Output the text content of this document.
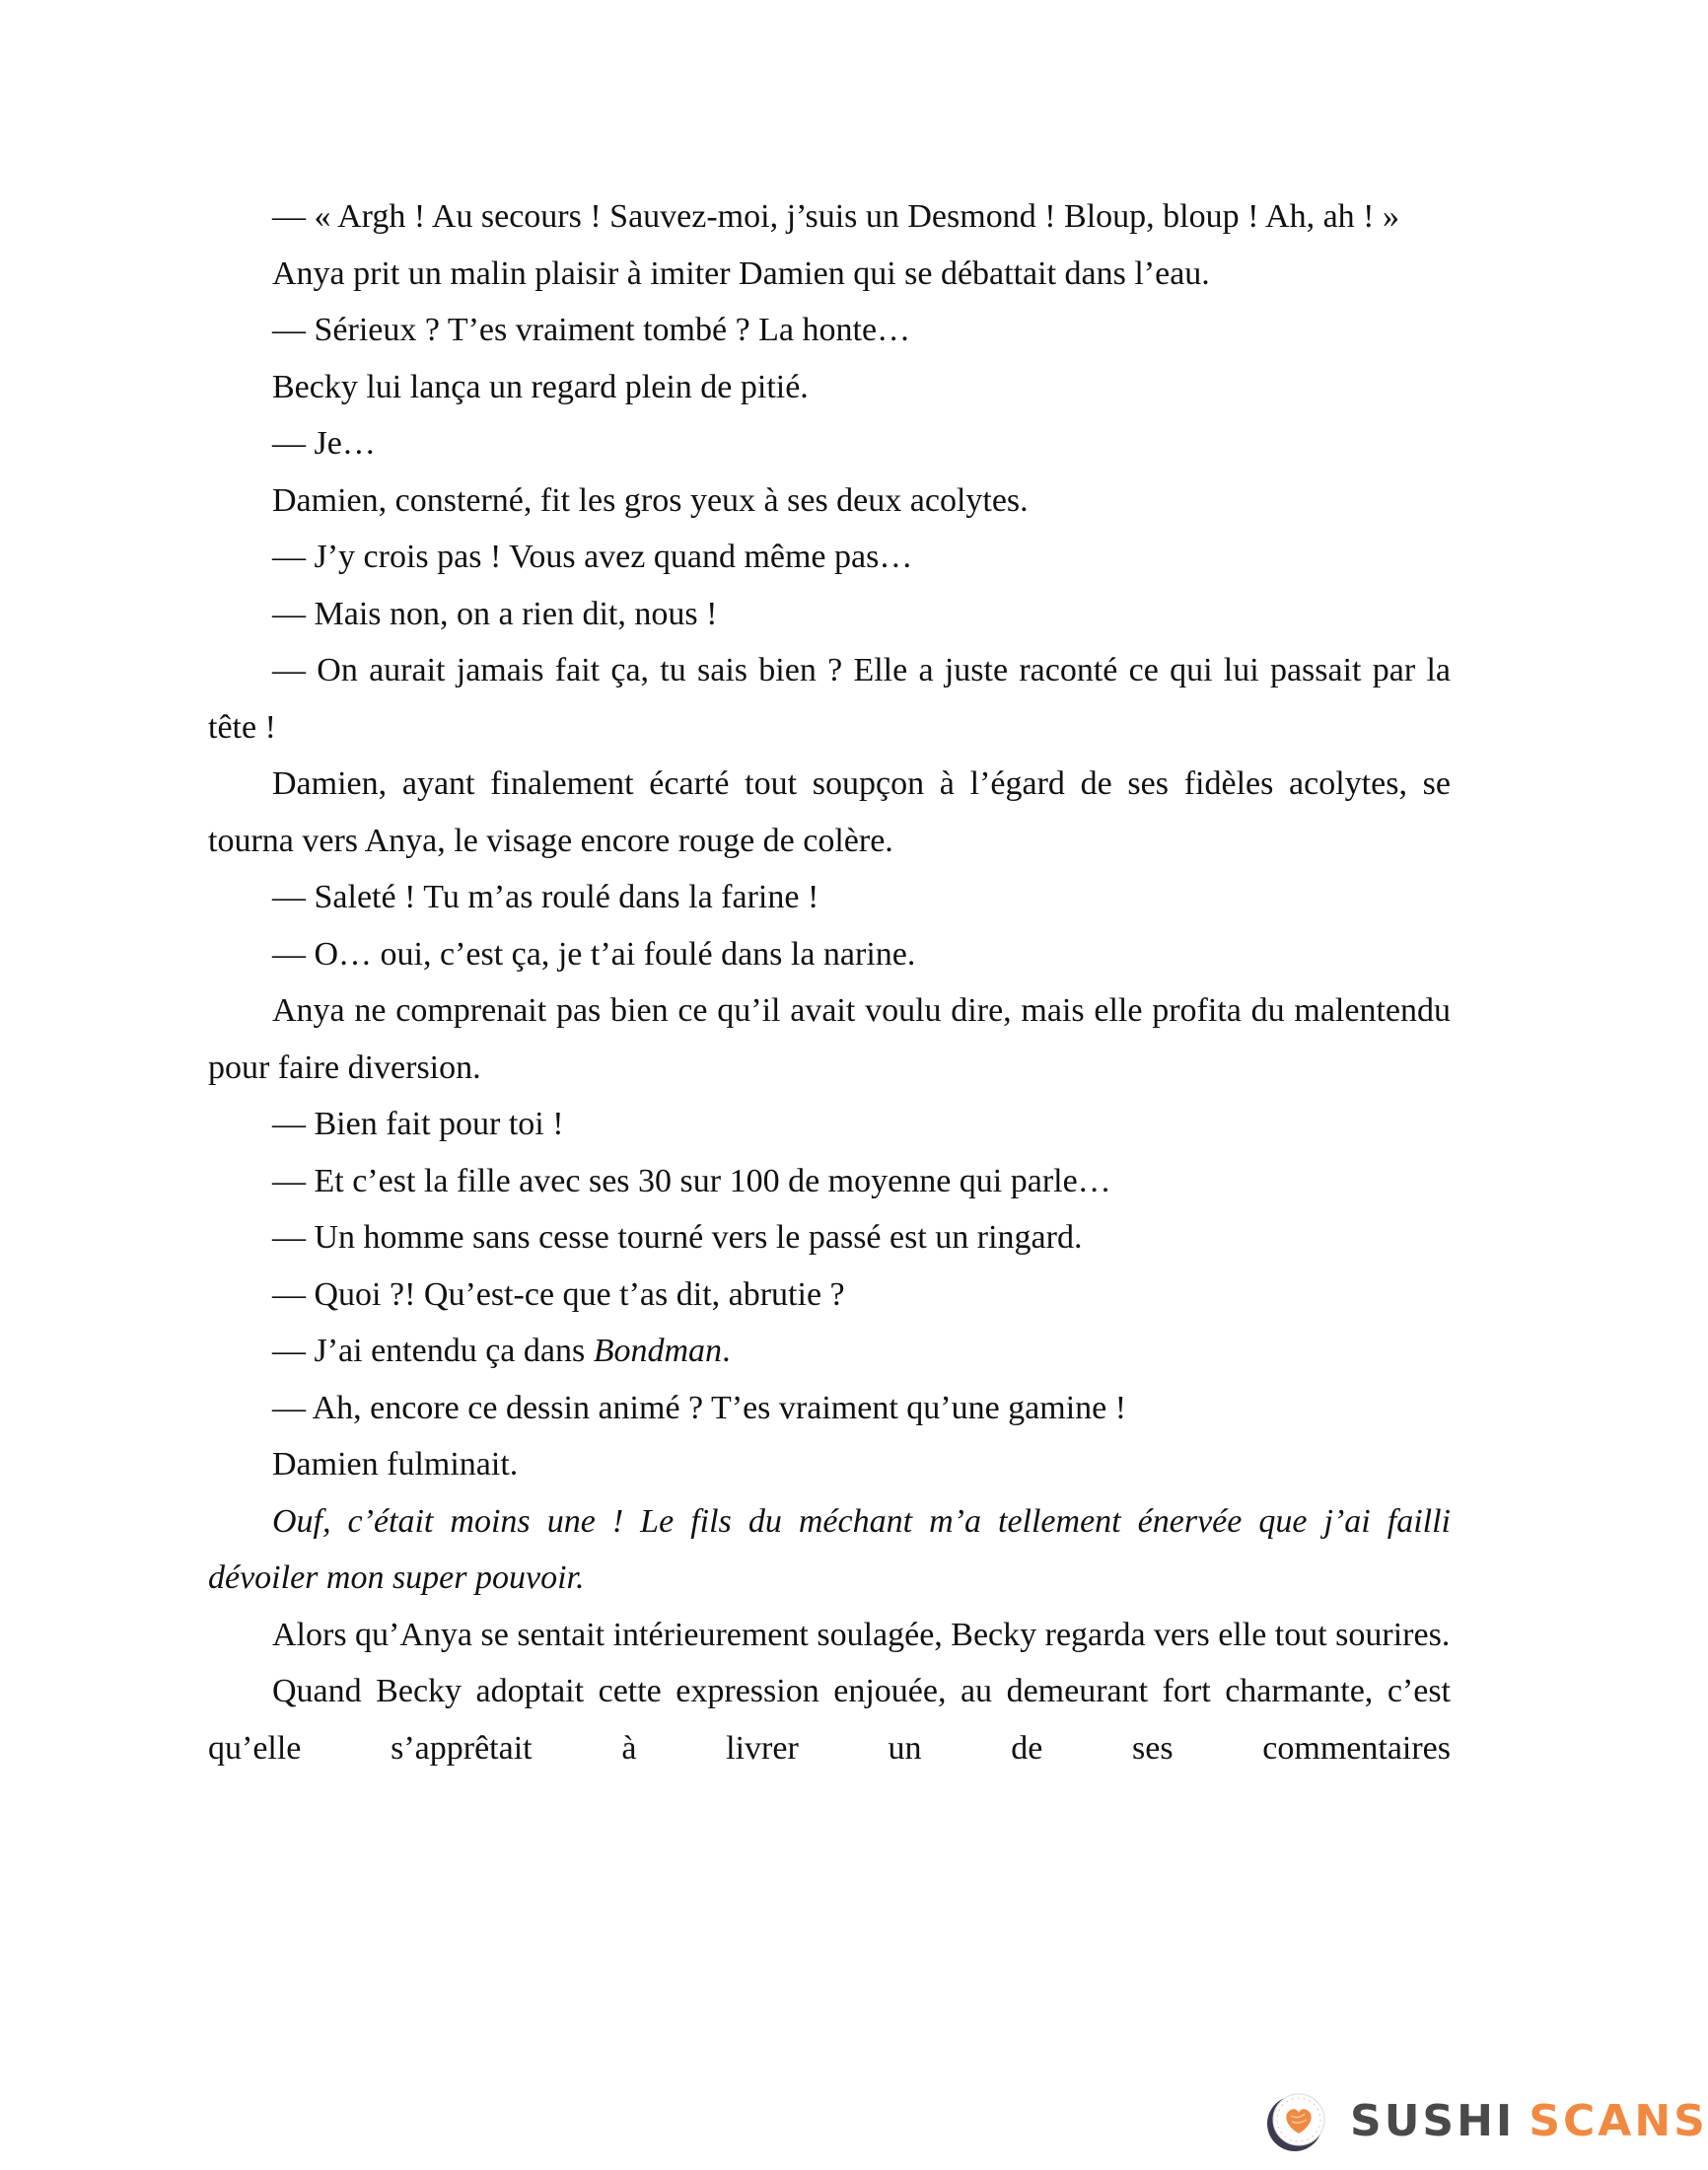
— « Argh ! Au secours ! Sauvez-moi, j’suis un Desmond ! Bloup, bloup ! Ah, ah ! »

Anya prit un malin plaisir à imiter Damien qui se débattait dans l’eau.

— Sérieux ? T’es vraiment tombé ? La honte…

Becky lui lança un regard plein de pitié.

— Je…

Damien, consterné, fit les gros yeux à ses deux acolytes.

— J’y crois pas ! Vous avez quand même pas…

— Mais non, on a rien dit, nous !

— On aurait jamais fait ça, tu sais bien ? Elle a juste raconté ce qui lui passait par la tête !

Damien, ayant finalement écarté tout soupçon à l’égard de ses fidèles acolytes, se tourna vers Anya, le visage encore rouge de colère.

— Saleté ! Tu m’as roulé dans la farine !

— O… oui, c’est ça, je t’ai foulé dans la narine.

Anya ne comprenait pas bien ce qu’il avait voulu dire, mais elle profita du malentendu pour faire diversion.

— Bien fait pour toi !

— Et c’est la fille avec ses 30 sur 100 de moyenne qui parle…

— Un homme sans cesse tourné vers le passé est un ringard.

— Quoi ?! Qu’est-ce que t’as dit, abrutie ?

— J’ai entendu ça dans Bondman.

— Ah, encore ce dessin animé ? T’es vraiment qu’une gamine !

Damien fulminait.

Ouf, c’était moins une ! Le fils du méchant m’a tellement énervée que j’ai failli dévoiler mon super pouvoir.

Alors qu’Anya se sentait intérieurement soulagée, Becky regarda vers elle tout sourires.

Quand Becky adoptait cette expression enjouée, au demeurant fort charmante, c’est qu’elle s’apprêtait à livrer un de ses commentaires

SUSHI SCANS
